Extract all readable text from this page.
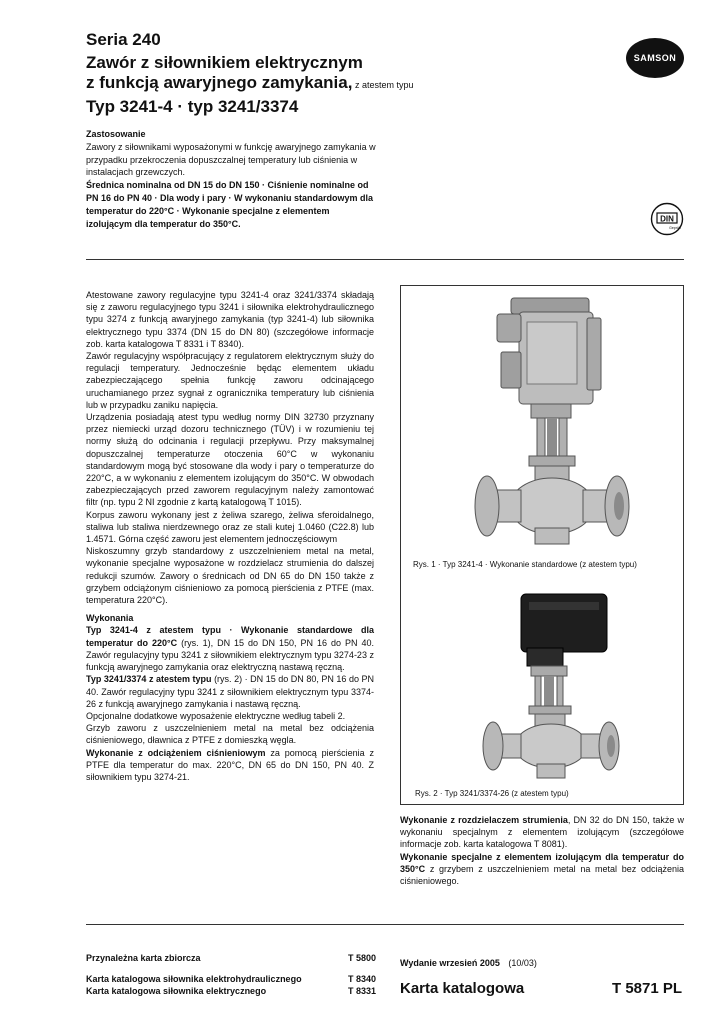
Seria 240
Zawór z siłownikiem elektrycznym
z funkcją awaryjnego zamykania, z atestem typu
Typ 3241-4 · typ 3241/3374
SAMSON
Zastosowanie
Zawory z siłownikami wyposażonymi w funkcję awaryjnego zamykania w przypadku przekroczenia dopuszczalnej temperatury lub ciśnienia w instalacjach grzewczych.
Średnica nominalna od DN 15 do DN 150 · Ciśnienie nominalne od PN 16 do PN 40 · Dla wody i pary · W wykonaniu standardowym dla temperatur do 220°C · Wykonanie specjalne z elementem izolującym dla temperatur do 350°C.	DIN
Geprüft

Atestowane zawory regulacyjne typu 3241-4 oraz 3241/3374 składają się z zaworu regulacyjnego typu 3241 i siłownika elektrohydraulicznego typu 3274 z funkcją awaryjnego zamykania (typ 3241-4) lub siłownika elektrycznego typu 3374 (DN 15 do DN 80) (szczegółowe informacje zob. karta katalogowa T 8331 i T 8340).

Zawór regulacyjny współpracujący z regulatorem elektrycznym służy do regulacji temperatury. Jednocześnie będąc elementem układu zabezpieczającego spełnia funkcję zaworu odcinającego uruchamianego przez sygnał z ogranicznika temperatury lub ciśnienia lub w przypadku zaniku napięcia.

Urządzenia posiadają atest typu według normy DIN 32730 przyznany przez niemiecki urząd dozoru technicznego (TÜV) i w rozumieniu tej normy służą do odcinania i regulacji przepływu. Przy maksymalnej dopuszczalnej temperaturze otoczenia 60°C w wykonaniu standardowym mogą być stosowane dla wody i pary o temperaturze do 220°C, a w wykonaniu z elementem izolującym do 350°C. W obwodach zabezpieczających przed zaworem regulacyjnym należy zamontować filtr (np. typu 2 NI zgodnie z kartą katalogową T 1015).

Korpus zaworu wykonany jest z żeliwa szarego, żeliwa sferoidalnego, staliwa lub staliwa nierdzewnego oraz ze stali kutej 1.0460 (C22.8) lub 1.4571. Górna część zaworu jest elementem jednoczęściowym

Niskoszumny grzyb standardowy z uszczelnieniem metal na metal, wykonanie specjalne wyposażone w rozdzielacz strumienia do dalszej redukcji szumów. Zawory o średnicach od DN 65 do DN 150 także z grzybem odciążonym ciśnieniowo za pomocą pierścienia z PTFE (max. temperatura 220°C).

Wykonania

Typ 3241-4 z atestem typu · Wykonanie standardowe dla temperatur do 220°C (rys. 1), DN 15 do DN 150, PN 16 do PN 40. Zawór regulacyjny typu 3241 z siłownikiem elektrycznym typu 3274-23 z funkcją awaryjnego zamykania oraz elektryczną nastawą ręczną.

Typ 3241/3374 z atestem typu (rys. 2) · DN 15 do DN 80, PN 16 do PN 40. Zawór regulacyjny typu 3241 z siłownikiem elektrycznym typu 3374-26 z funkcją awaryjnego zamykania i nastawą ręczną.

Opcjonalne dodatkowe wyposażenie elektryczne według tabeli 2.

Grzyb zaworu z uszczelnieniem metal na metal bez odciążenia ciśnieniowego, dławnica z PTFE z domieszką węgla.

Wykonanie z odciążeniem ciśnieniowym za pomocą pierścienia z PTFE dla temperatur do max. 220°C, DN 65 do DN 150, PN 40. Z siłownikiem typu 3274-21.

Rys. 1 · Typ 3241-4 · Wykonanie standardowe (z atestem typu)
Rys. 2 · Typ 3241/3374-26 (z atestem typu)

Wykonanie z rozdzielaczem strumienia, DN 32 do DN 150, także w wykonaniu specjalnym z elementem izolującym (szczegółowe informacje zob. karta katalogowa T 8081).

Wykonanie specjalne z elementem izolującym dla temperatur do 350°C z grzybem z uszczelnieniem metal na metal bez odciążenia ciśnieniowego.

Przynależna karta zbiorcza	T 5800
Karta katalogowa siłownika elektrohydraulicznego	T 8340
Karta katalogowa siłownika elektrycznego	T 8331
Wydanie wrzesień 2005 (10/03)
Karta katalogowa	T 5871 PL
